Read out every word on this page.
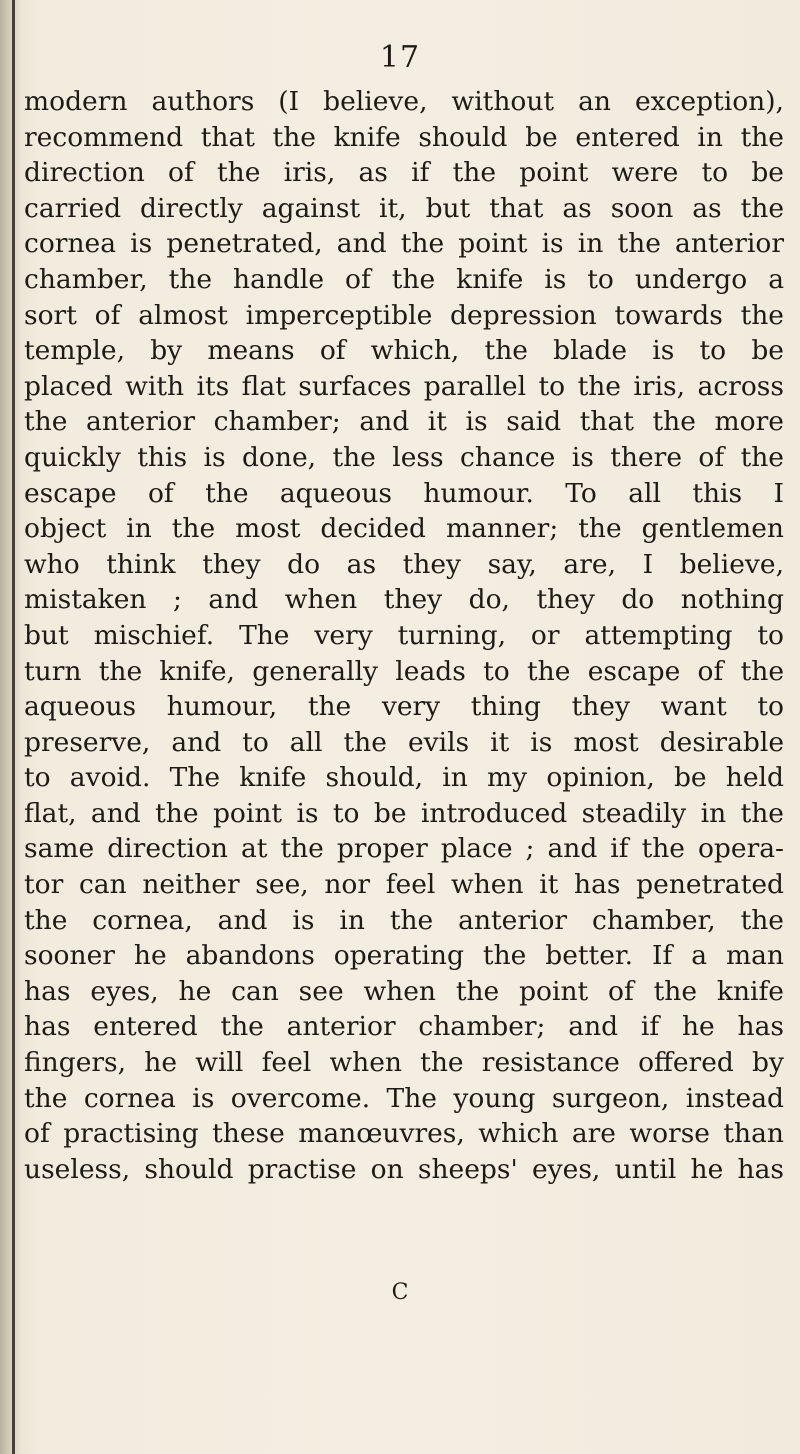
17
modern authors (I believe, without an exception),
recommend that the knife should be entered in the
direction of the iris, as if the point were to be
carried directly against it, but that as soon as the
cornea is penetrated, and the point is in the anterior
chamber, the handle of the knife is to undergo a
sort of almost imperceptible depression towards the
temple, by means of which, the blade is to be
placed with its flat surfaces parallel to the iris, across
the anterior chamber; and it is said that the more
quickly this is done, the less chance is there of the
escape of the aqueous humour. To all this I
object in the most decided manner; the gentlemen
who think they do as they say, are, I believe,
mistaken ; and when they do, they do nothing
but mischief. The very turning, or attempting to
turn the knife, generally leads to the escape of the
aqueous humour, the very thing they want to
preserve, and to all the evils it is most desirable
to avoid. The knife should, in my opinion, be held
flat, and the point is to be introduced steadily in the
same direction at the proper place ; and if the opera-
tor can neither see, nor feel when it has penetrated
the cornea, and is in the anterior chamber, the
sooner he abandons operating the better. If a man
has eyes, he can see when the point of the knife
has entered the anterior chamber; and if he has
fingers, he will feel when the resistance offered by
the cornea is overcome. The young surgeon, instead
of practising these manœuvres, which are worse than
useless, should practise on sheeps' eyes, until he has
C
